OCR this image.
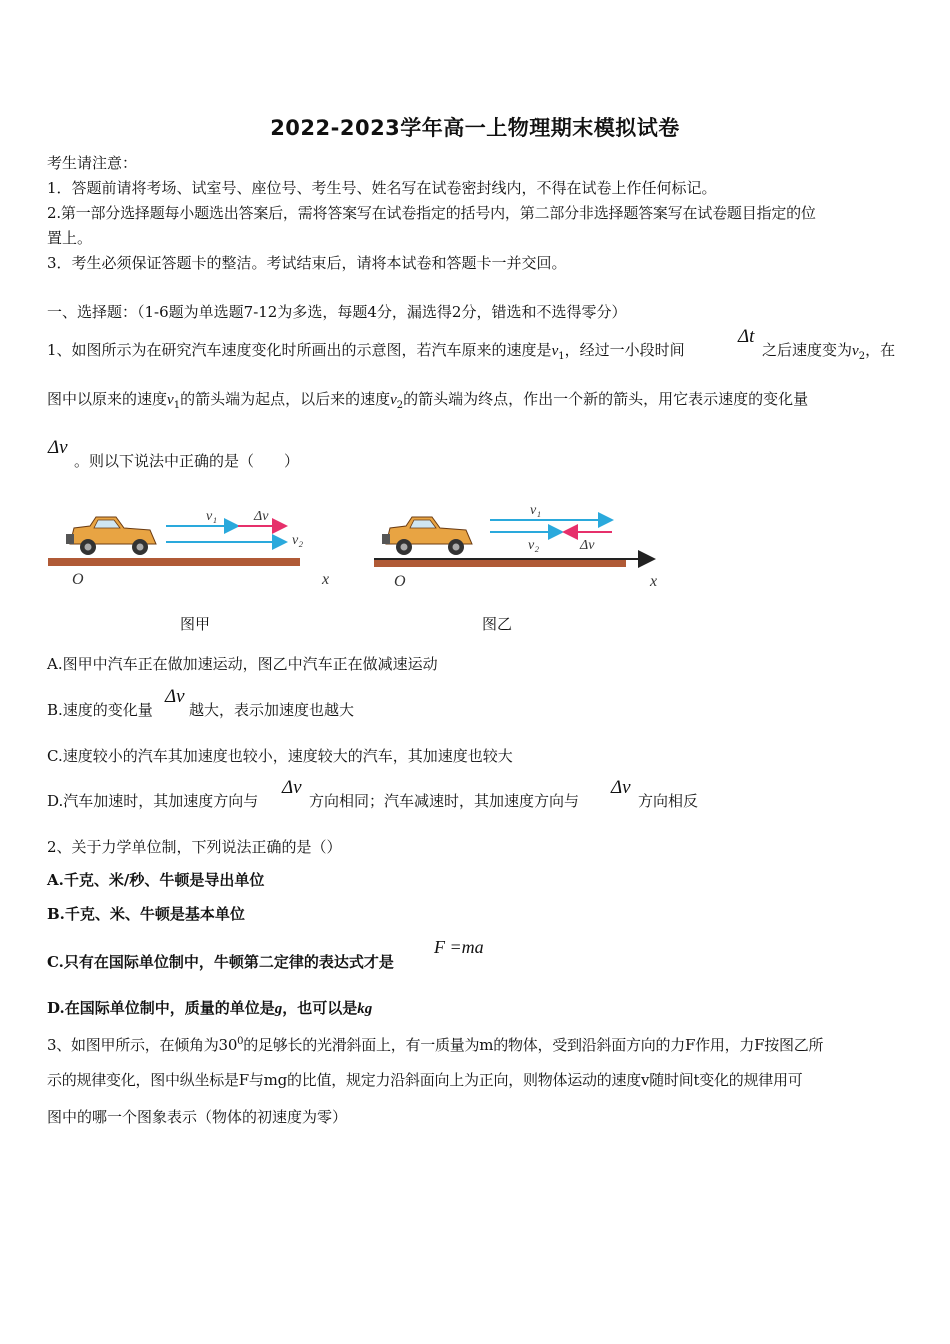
2022-2023学年高一上物理期末模拟试卷
考生请注意：
1．答题前请将考场、试室号、座位号、考生号、姓名写在试卷密封线内，不得在试卷上作任何标记。
2.第一部分选择题每小题选出答案后，需将答案写在试卷指定的括号内，第二部分非选择题答案写在试卷题目指定的位
置上。
3．考生必须保证答题卡的整洁。考试结束后，请将本试卷和答题卡一并交回。
一、选择题：（1-6题为单选题7-12为多选，每题4分，漏选得2分，错选和不选得零分）
1、如图所示为在研究汽车速度变化时所画出的示意图，若汽车原来的速度是$v_1$，经过一小段时间
Δt
之后速度变为$v_2$，在
图中以原来的速度$v_1$的箭头端为起点，以后来的速度$v_2$的箭头端为终点，作出一个新的箭头，用它表示速度的变化量
Δv
。则以下说法中正确的是（　　）
v₁	Δv
v₂
O	x
v₁
v₂	Δv
O	x
图甲	图乙
A.图甲中汽车正在做加速运动，图乙中汽车正在做减速运动
B.速度的变化量
Δv
越大，表示加速度也越大
C.速度较小的汽车其加速度也较小，速度较大的汽车，其加速度也较大
D.汽车加速时，其加速度方向与
Δv
方向相同；汽车减速时，其加速度方向与
Δv
方向相反
2、关于力学单位制，下列说法正确的是（）
A.千克、米/秒、牛顿是导出单位
B.千克、米、牛顿是基本单位
C.只有在国际单位制中，牛顿第二定律的表达式才是
F =ma
D.在国际单位制中，质量的单位是g，也可以是kg
3、如图甲所示，在倾角为$30^0$的足够长的光滑斜面上，有一质量为m的物体，受到沿斜面方向的力F作用，力F按图乙所
示的规律变化，图中纵坐标是F与mg的比值，规定力沿斜面向上为正向，则物体运动的速度v随时间t变化的规律用可
图中的哪一个图象表示（物体的初速度为零）
